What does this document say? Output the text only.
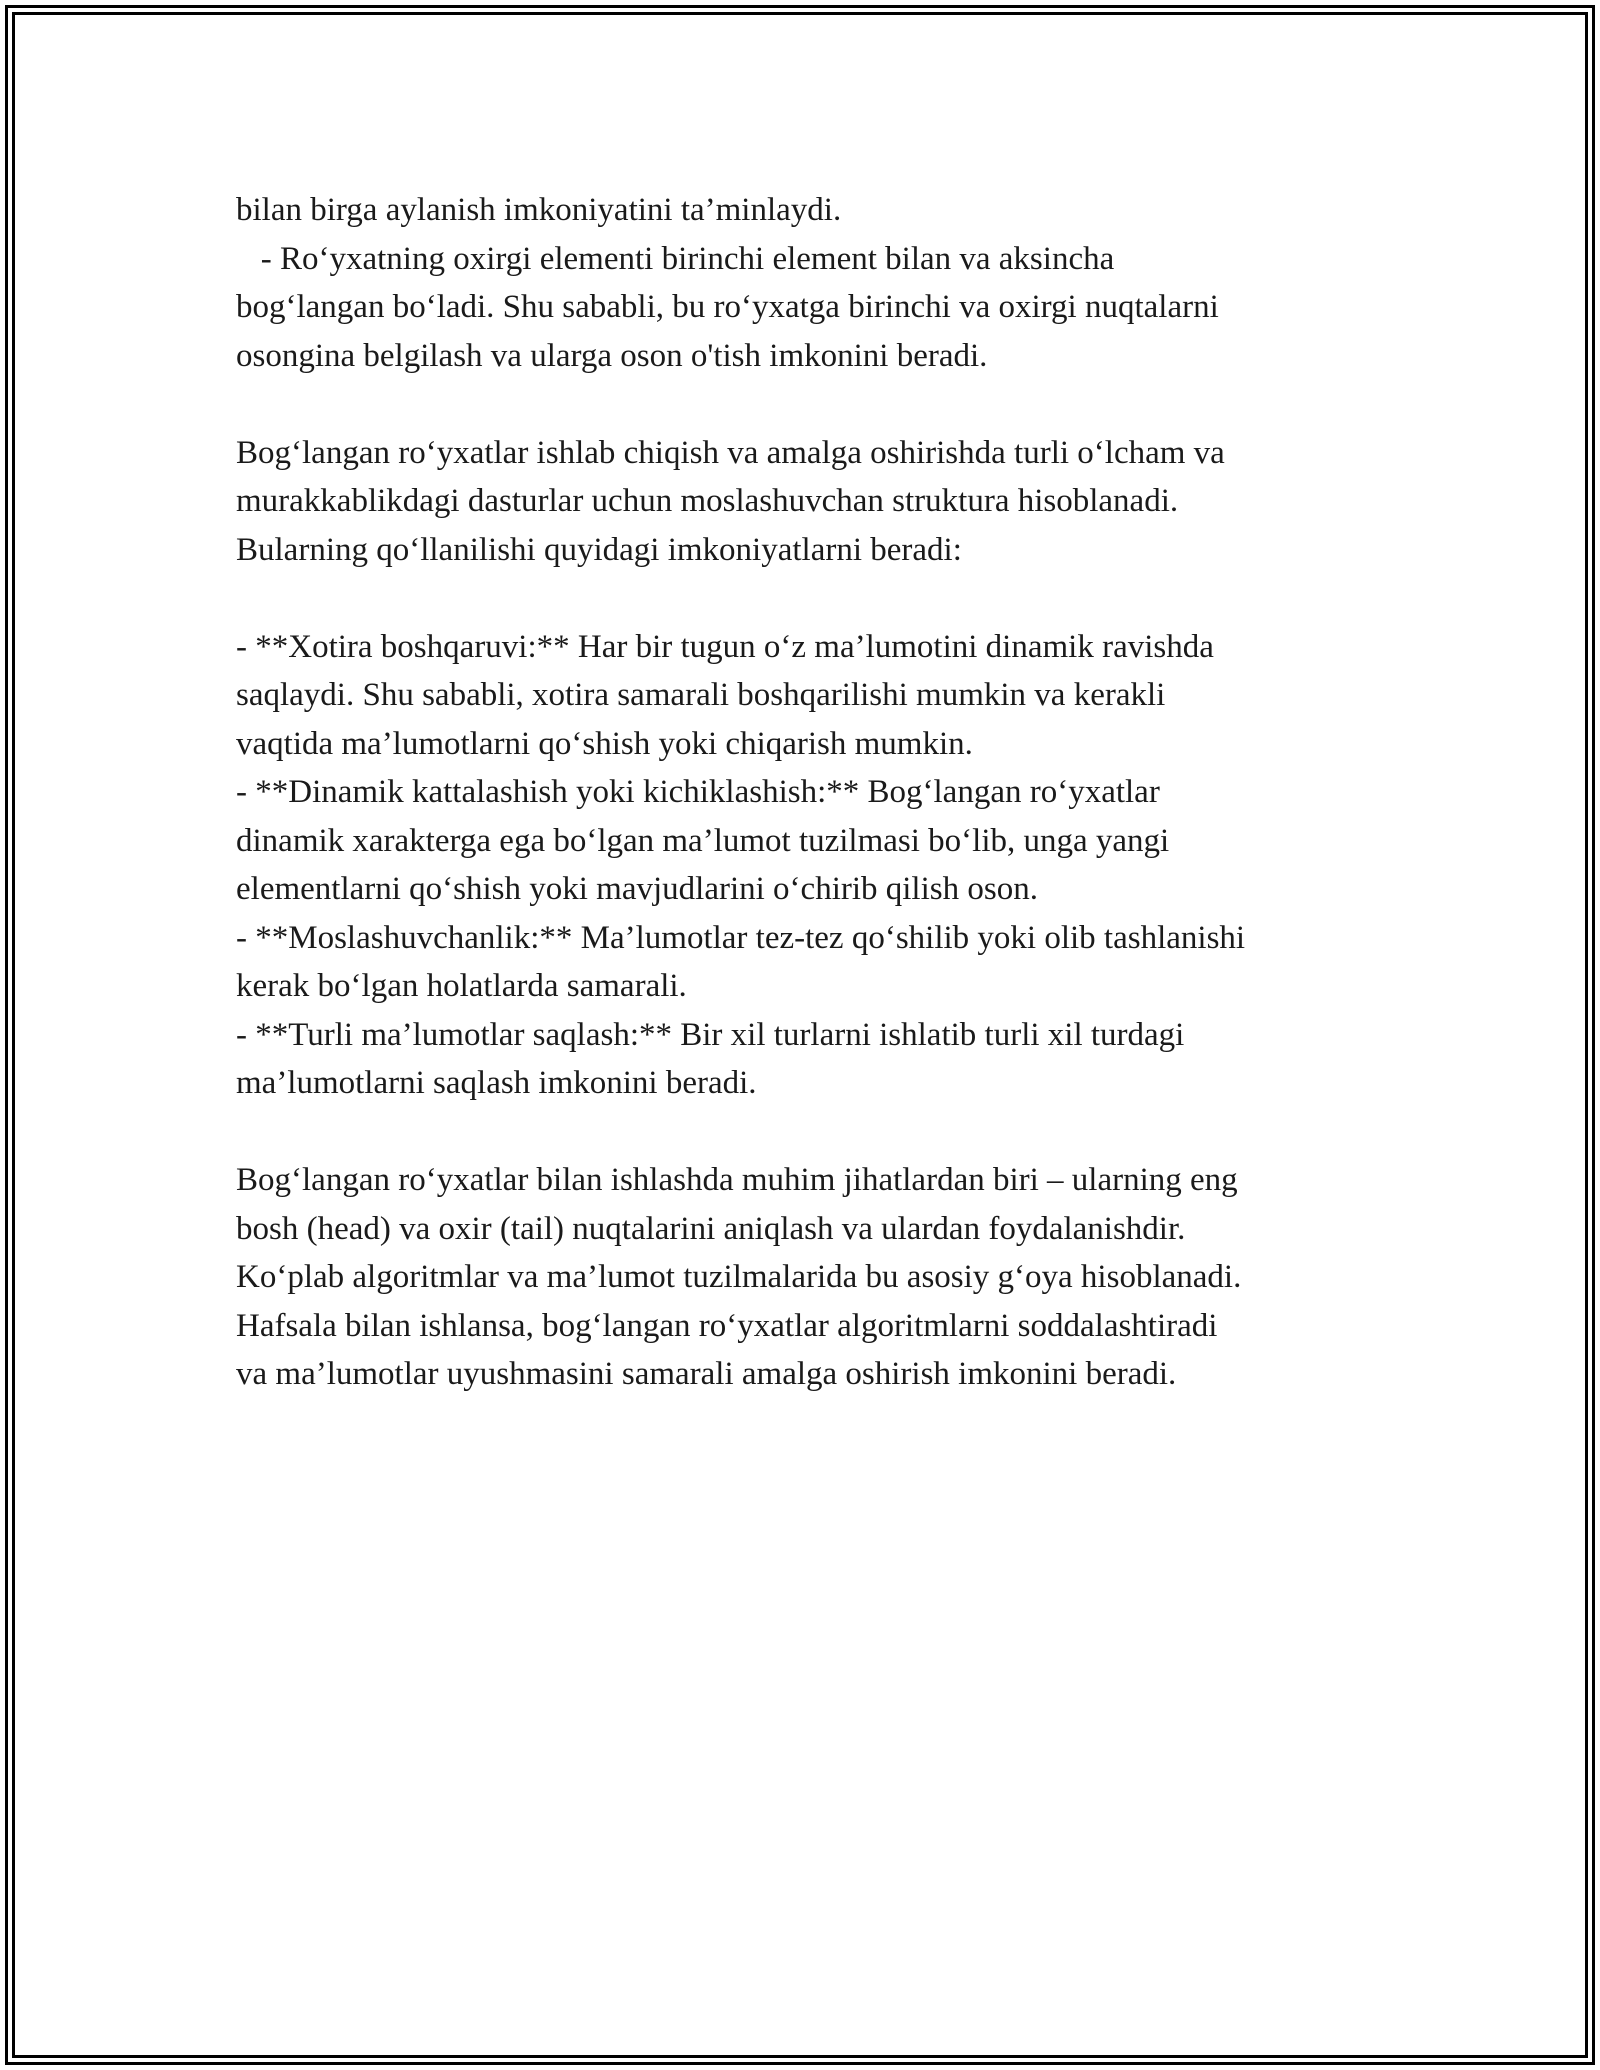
bilan birga aylanish imkoniyatini ta’minlaydi.
- Ro‘yxatning oxirgi elementi birinchi element bilan va aksincha
bog‘langan bo‘ladi. Shu sababli, bu ro‘yxatga birinchi va oxirgi nuqtalarni
osongina belgilash va ularga oson o'tish imkonini beradi.
Bog‘langan ro‘yxatlar ishlab chiqish va amalga oshirishda turli o‘lcham va
murakkablikdagi dasturlar uchun moslashuvchan struktura hisoblanadi.
Bularning qo‘llanilishi quyidagi imkoniyatlarni beradi:
- **Xotira boshqaruvi:** Har bir tugun o‘z ma’lumotini dinamik ravishda
saqlaydi. Shu sababli, xotira samarali boshqarilishi mumkin va kerakli
vaqtida ma’lumotlarni qo‘shish yoki chiqarish mumkin.
- **Dinamik kattalashish yoki kichiklashish:** Bog‘langan ro‘yxatlar
dinamik xarakterga ega bo‘lgan ma’lumot tuzilmasi bo‘lib, unga yangi
elementlarni qo‘shish yoki mavjudlarini o‘chirib qilish oson.
- **Moslashuvchanlik:** Ma’lumotlar tez-tez qo‘shilib yoki olib tashlanishi
kerak bo‘lgan holatlarda samarali.
- **Turli ma’lumotlar saqlash:** Bir xil turlarni ishlatib turli xil turdagi
ma’lumotlarni saqlash imkonini beradi.
Bog‘langan ro‘yxatlar bilan ishlashda muhim jihatlardan biri – ularning eng
bosh (head) va oxir (tail) nuqtalarini aniqlash va ulardan foydalanishdir.
Ko‘plab algoritmlar va ma’lumot tuzilmalarida bu asosiy g‘oya hisoblanadi.
Hafsala bilan ishlansa, bog‘langan ro‘yxatlar algoritmlarni soddalashtiradi
va ma’lumotlar uyushmasini samarali amalga oshirish imkonini beradi.
